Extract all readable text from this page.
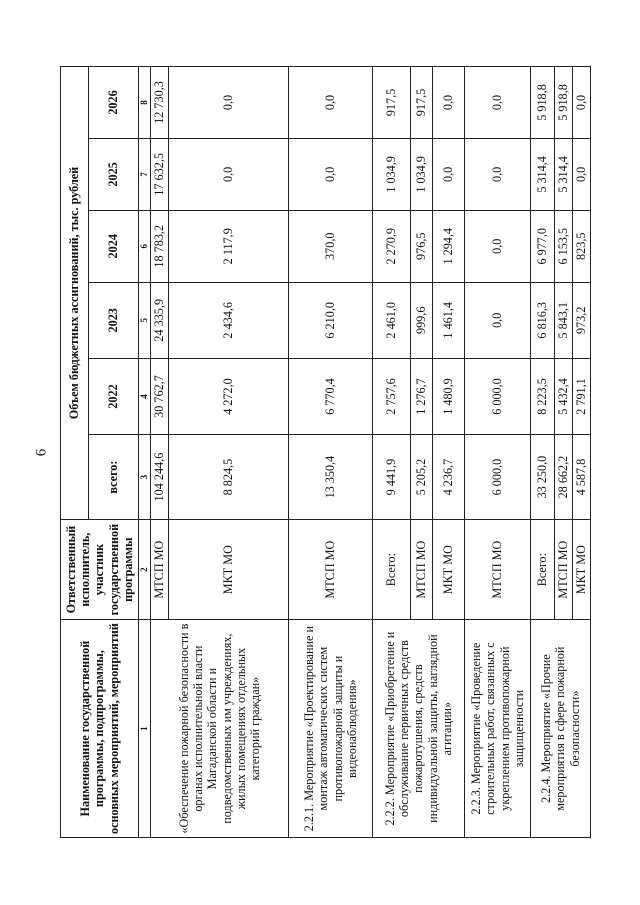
6
Наименование государственной программы, подпрограммы, основных мероприятий, мероприятий	Ответственный исполнитель, участник государственной программы	Объем бюджетных ассигнований, тыс. рублей					
		всего:	2022	2023	2024	2025	2026
1	2	3	4	5	6	7	8
«Обеспечение пожарной безопасности в органах исполнительной власти Магаданской области и подведомственных им учреждениях, жилых помещениях отдельных категорий граждан»	МТСП МО	104 244,6	30 762,7	24 335,9	18 783,2	17 632,5	12 730,3
	МКТ МО	8 824,5	4 272,0	2 434,6	2 117,9	0,0	0,0
2.2.1. Мероприятие «Проектирование и монтаж автоматических систем противопожарной защиты и видеонаблюдения»	МТСП МО	13 350,4	6 770,4	6 210,0	370,0	0,0	0,0
2.2.2. Мероприятие «Приобретение и обслуживание первичных средств пожаротушения, средств индивидуальной защиты, наглядной агитации»	Всего:	9 441,9	2 757,6	2 461,0	2 270,9	1 034,9	917,5
	МТСП МО	5 205,2	1 276,7	999,6	976,5	1 034,9	917,5
	МКТ МО	4 236,7	1 480,9	1 461,4	1 294,4	0,0	0,0
2.2.3. Мероприятие «Проведение строительных работ, связанных с укреплением противопожарной защищенности	МТСП МО	6 000,0	6 000,0	0,0	0,0	0,0	0,0
2.2.4. Мероприятие «Прочие мероприятия в сфере пожарной безопасности»	Всего:	33 250,0	8 223,5	6 816,3	6 977,0	5 314,4	5 918,8
	МТСП МО	28 662,2	5 432,4	5 843,1	6 153,5	5 314,4	5 918,8
	МКТ МО	4 587,8	2 791,1	973,2	823,5	0,0	0,0
